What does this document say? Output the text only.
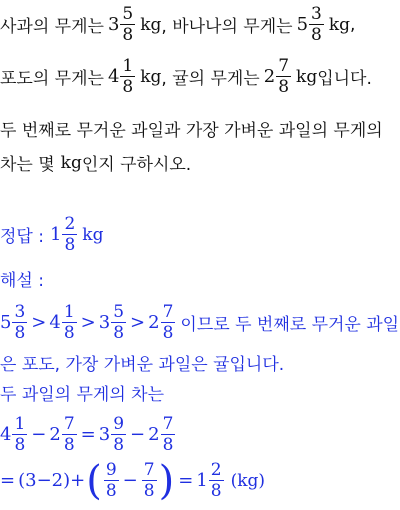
사과의 무게는 $3 \frac{5}{8}$ kg , 바나나의 무게는 $5 \frac{3}{8}$ kg ,
포도의 무게는 $4 \frac{1}{8}$ kg , 귤의 무게는 $2 \frac{7}{8}$ kg 입니다.
두 번째로 무거운 과일과 가장 가벼운 과일의 무게의
차는 몇 kg 인지 구하시오.
정답 : $1 \frac{2}{8}$ kg
해설 :
$5 \frac{3}{8} > 4 \frac{1}{8} > 3 \frac{5}{8} > 2 \frac{7}{8}$ 이므로 두 번째로 무거운 과일
은 포도, 가장 가벼운 과일은 귤입니다.
두 과일의 무게의 차는
$4 \frac{1}{8} - 2 \frac{7}{8} = 3 \frac{9}{8} - 2 \frac{7}{8}$
= (3−2)+ ( $\frac{9}{8} - \frac{7}{8}$ ) = $1 \frac{2}{8} (kg)$
